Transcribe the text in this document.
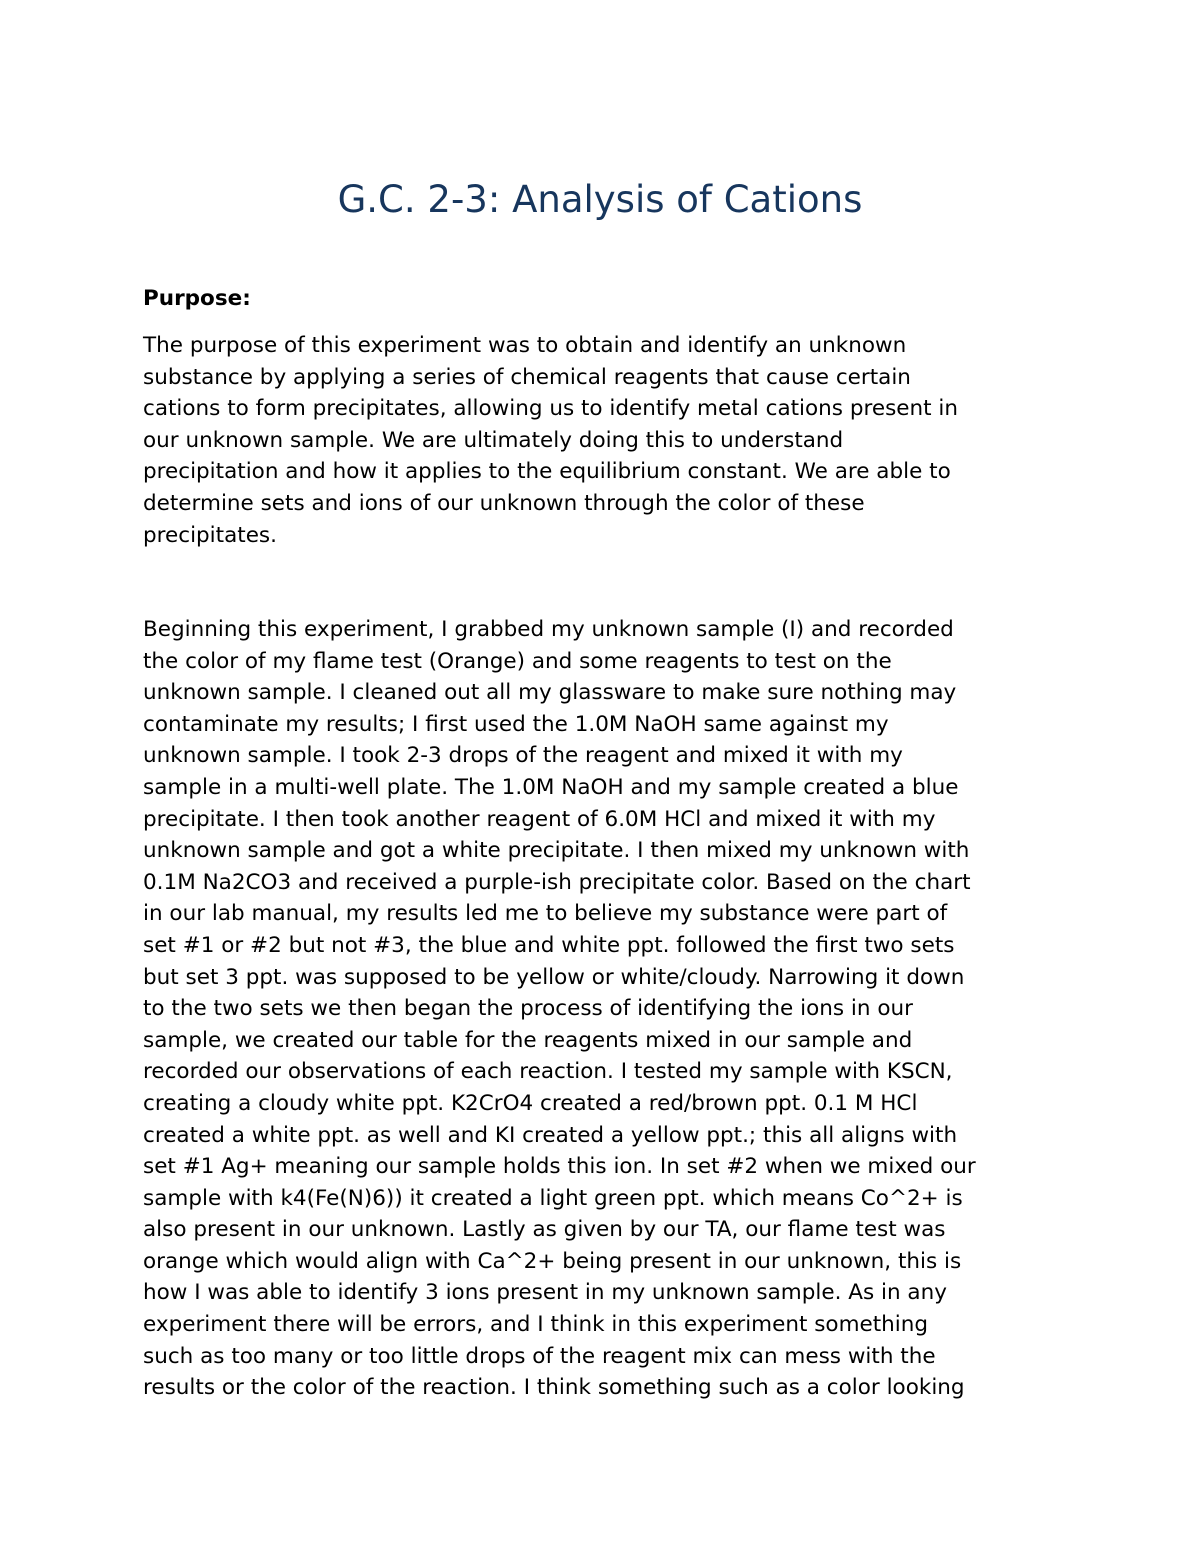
G.C. 2-3: Analysis of Cations
Purpose:
The purpose of this experiment was to obtain and identify an unknown
substance by applying a series of chemical reagents that cause certain
cations to form precipitates, allowing us to identify metal cations present in
our unknown sample. We are ultimately doing this to understand
precipitation and how it applies to the equilibrium constant. We are able to
determine sets and ions of our unknown through the color of these
precipitates.
Beginning this experiment, I grabbed my unknown sample (I) and recorded
the color of my flame test (Orange) and some reagents to test on the
unknown sample. I cleaned out all my glassware to make sure nothing may
contaminate my results; I first used the 1.0M NaOH same against my
unknown sample. I took 2-3 drops of the reagent and mixed it with my
sample in a multi-well plate. The 1.0M NaOH and my sample created a blue
precipitate. I then took another reagent of 6.0M HCl and mixed it with my
unknown sample and got a white precipitate. I then mixed my unknown with
0.1M Na2CO3 and received a purple-ish precipitate color. Based on the chart
in our lab manual, my results led me to believe my substance were part of
set #1 or #2 but not #3, the blue and white ppt. followed the first two sets
but set 3 ppt. was supposed to be yellow or white/cloudy. Narrowing it down
to the two sets we then began the process of identifying the ions in our
sample, we created our table for the reagents mixed in our sample and
recorded our observations of each reaction. I tested my sample with KSCN,
creating a cloudy white ppt. K2CrO4 created a red/brown ppt. 0.1 M HCl
created a white ppt. as well and KI created a yellow ppt.; this all aligns with
set #1 Ag+ meaning our sample holds this ion. In set #2 when we mixed our
sample with k4(Fe(N)6)) it created a light green ppt. which means Co^2+ is
also present in our unknown. Lastly as given by our TA, our flame test was
orange which would align with Ca^2+ being present in our unknown, this is
how I was able to identify 3 ions present in my unknown sample. As in any
experiment there will be errors, and I think in this experiment something
such as too many or too little drops of the reagent mix can mess with the
results or the color of the reaction. I think something such as a color looking
